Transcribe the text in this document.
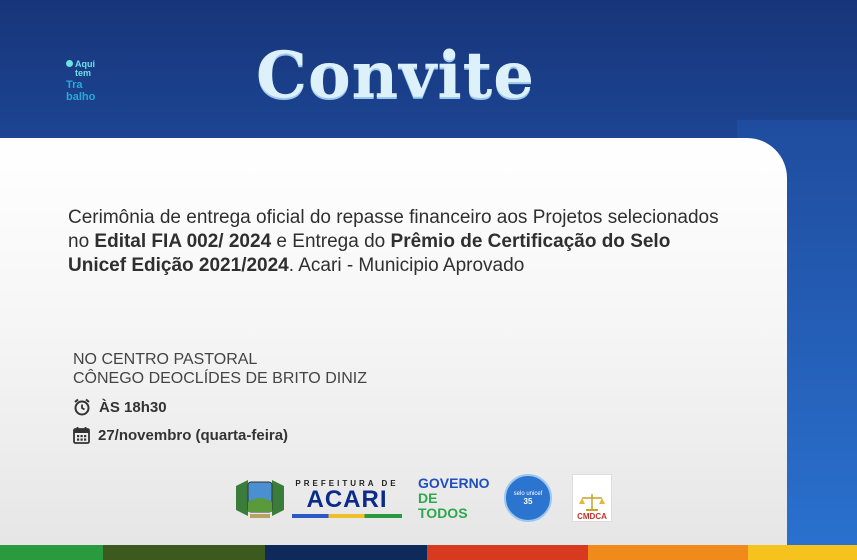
Aqui
tem
Tra
balho	Convite
Cerimônia de entrega oficial do repasse financeiro aos Projetos selecionados no Edital FIA 002/ 2024 e Entrega do Prêmio de Certificação do Selo Unicef Edição 2021/2024. Acari - Municipio Aprovado
NO CENTRO PASTORAL
CÔNEGO DEOCLÍDES DE BRITO DINIZ
ÀS 18h30
27/novembro (quarta-feira)
PREFEITURA DE
ACARI
GOVERNO
DE TODOS
selo unicef
35
CMDCA
